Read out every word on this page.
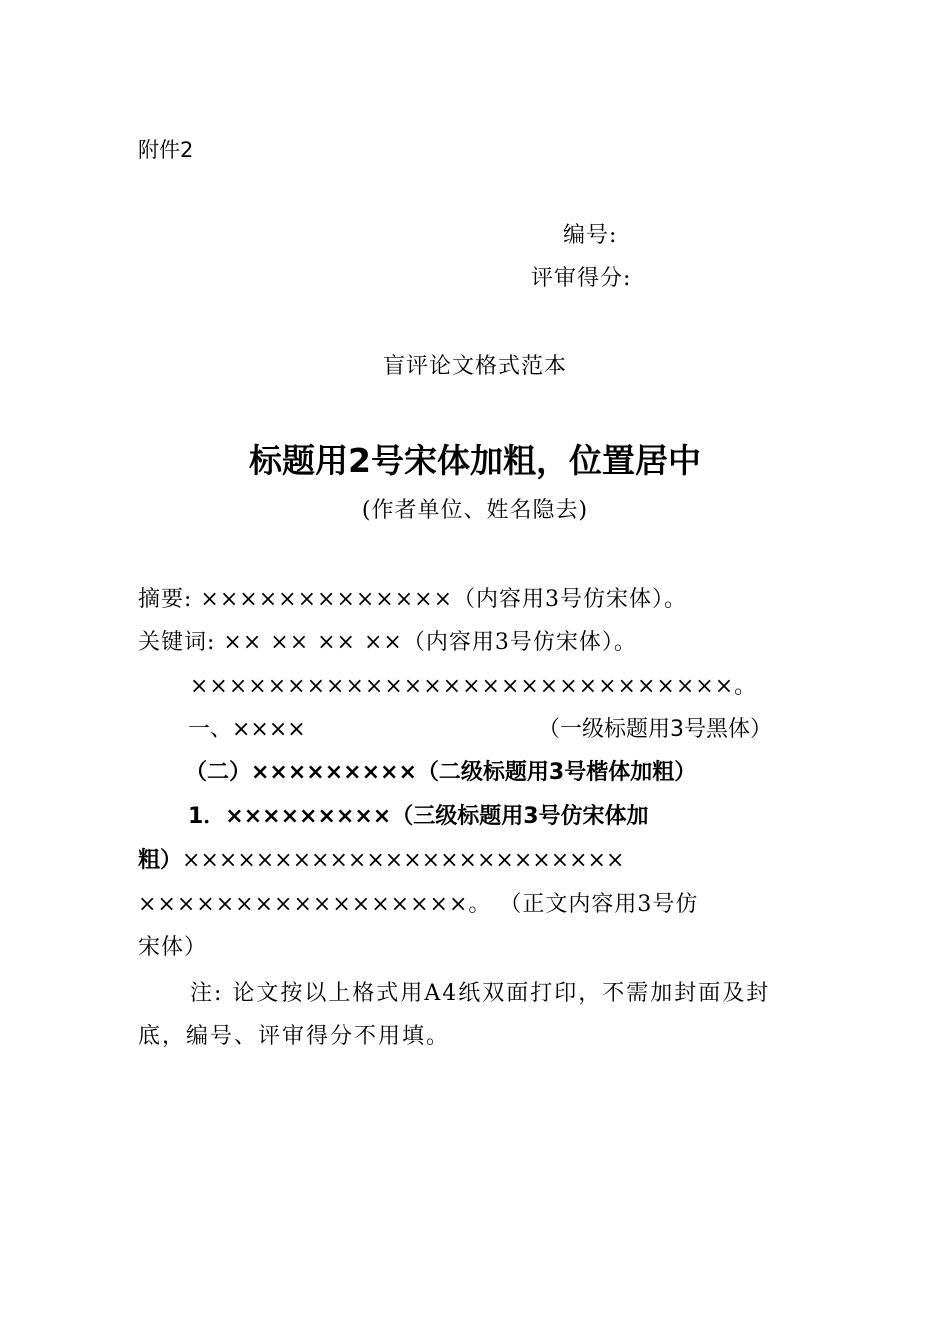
附件2
编号:
评审得分:
盲评论文格式范本
标题用2号宋体加粗，位置居中
(作者单位、姓名隐去)
摘要: ×××××××××××××（内容用3号仿宋体）。
关键词: ×× ×× ×× ××（内容用3号仿宋体）。
××××××××××××××××××××××××××××。
一、××××	（一级标题用3号黑体）
（二）×××××××××（二级标题用3号楷体加粗）
1．×××××××××（三级标题用3号仿宋体加
粗）××××××××××××××××××××××××
×××××××××××××××××。 （正文内容用3号仿
宋体）
注: 论文按以上格式用A4纸双面打印，不需加封面及封
底，编号、评审得分不用填。
